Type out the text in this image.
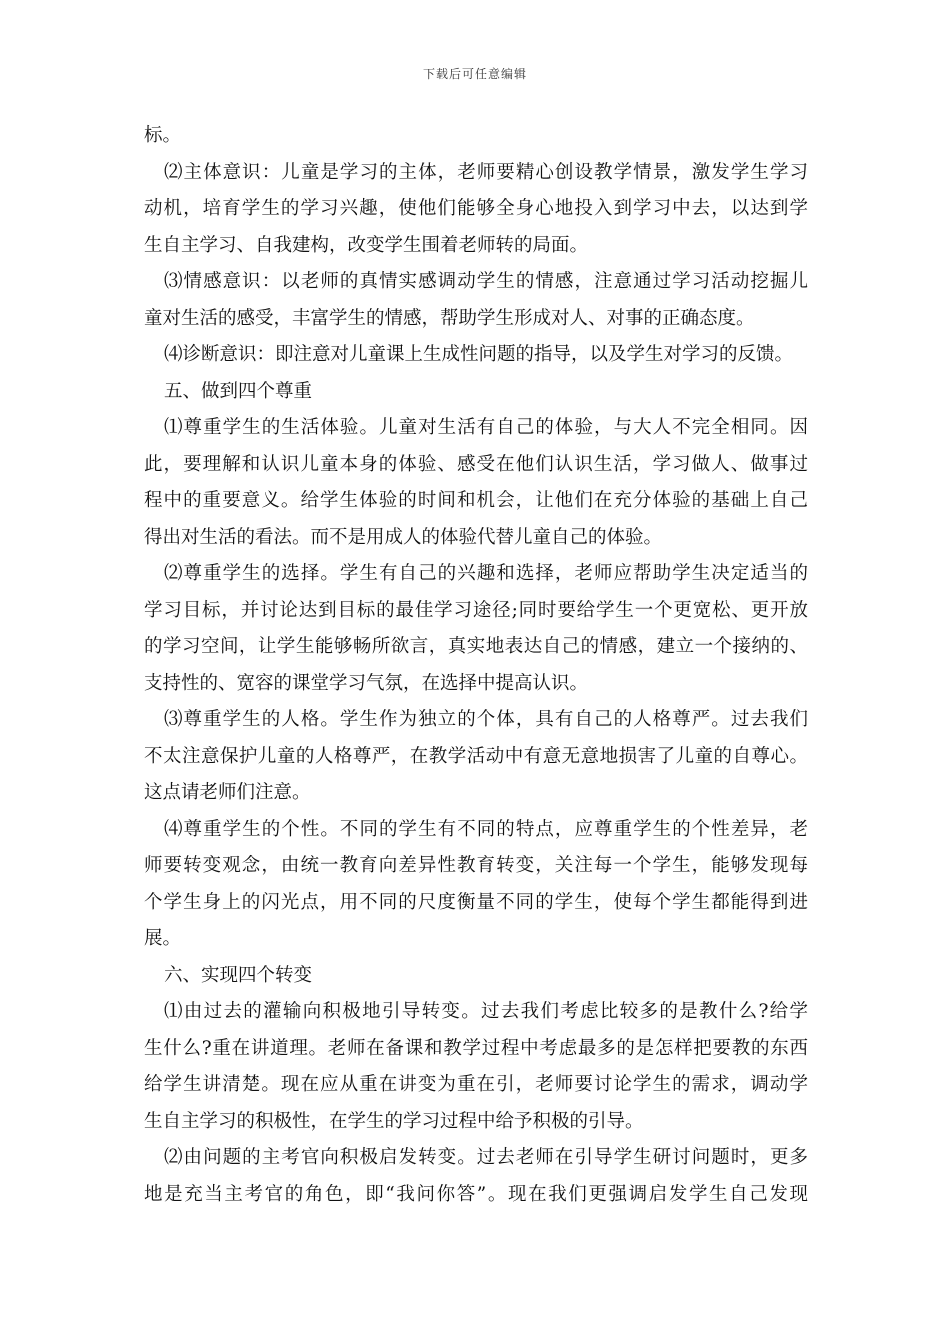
下载后可任意编辑
标。
⑵主体意识：儿童是学习的主体，老师要精心创设教学情景，激发学生学习
动机，培育学生的学习兴趣，使他们能够全身心地投入到学习中去，以达到学
生自主学习、自我建构，改变学生围着老师转的局面。
⑶情感意识：以老师的真情实感调动学生的情感，注意通过学习活动挖掘儿
童对生活的感受，丰富学生的情感，帮助学生形成对人、对事的正确态度。
⑷诊断意识：即注意对儿童课上生成性问题的指导，以及学生对学习的反馈。
五、做到四个尊重
⑴尊重学生的生活体验。儿童对生活有自己的体验，与大人不完全相同。因
此，要理解和认识儿童本身的体验、感受在他们认识生活，学习做人、做事过
程中的重要意义。给学生体验的时间和机会，让他们在充分体验的基础上自己
得出对生活的看法。而不是用成人的体验代替儿童自己的体验。
⑵尊重学生的选择。学生有自己的兴趣和选择，老师应帮助学生决定适当的
学习目标，并讨论达到目标的最佳学习途径;同时要给学生一个更宽松、更开放
的学习空间，让学生能够畅所欲言，真实地表达自己的情感，建立一个接纳的、
支持性的、宽容的课堂学习气氛，在选择中提高认识。
⑶尊重学生的人格。学生作为独立的个体，具有自己的人格尊严。过去我们
不太注意保护儿童的人格尊严，在教学活动中有意无意地损害了儿童的自尊心。
这点请老师们注意。
⑷尊重学生的个性。不同的学生有不同的特点，应尊重学生的个性差异，老
师要转变观念，由统一教育向差异性教育转变，关注每一个学生，能够发现每
个学生身上的闪光点，用不同的尺度衡量不同的学生，使每个学生都能得到进
展。
六、实现四个转变
⑴由过去的灌输向积极地引导转变。过去我们考虑比较多的是教什么?给学
生什么?重在讲道理。老师在备课和教学过程中考虑最多的是怎样把要教的东西
给学生讲清楚。现在应从重在讲变为重在引，老师要讨论学生的需求，调动学
生自主学习的积极性，在学生的学习过程中给予积极的引导。
⑵由问题的主考官向积极启发转变。过去老师在引导学生研讨问题时，更多
地是充当主考官的角色，即“我问你答”。现在我们更强调启发学生自己发现
